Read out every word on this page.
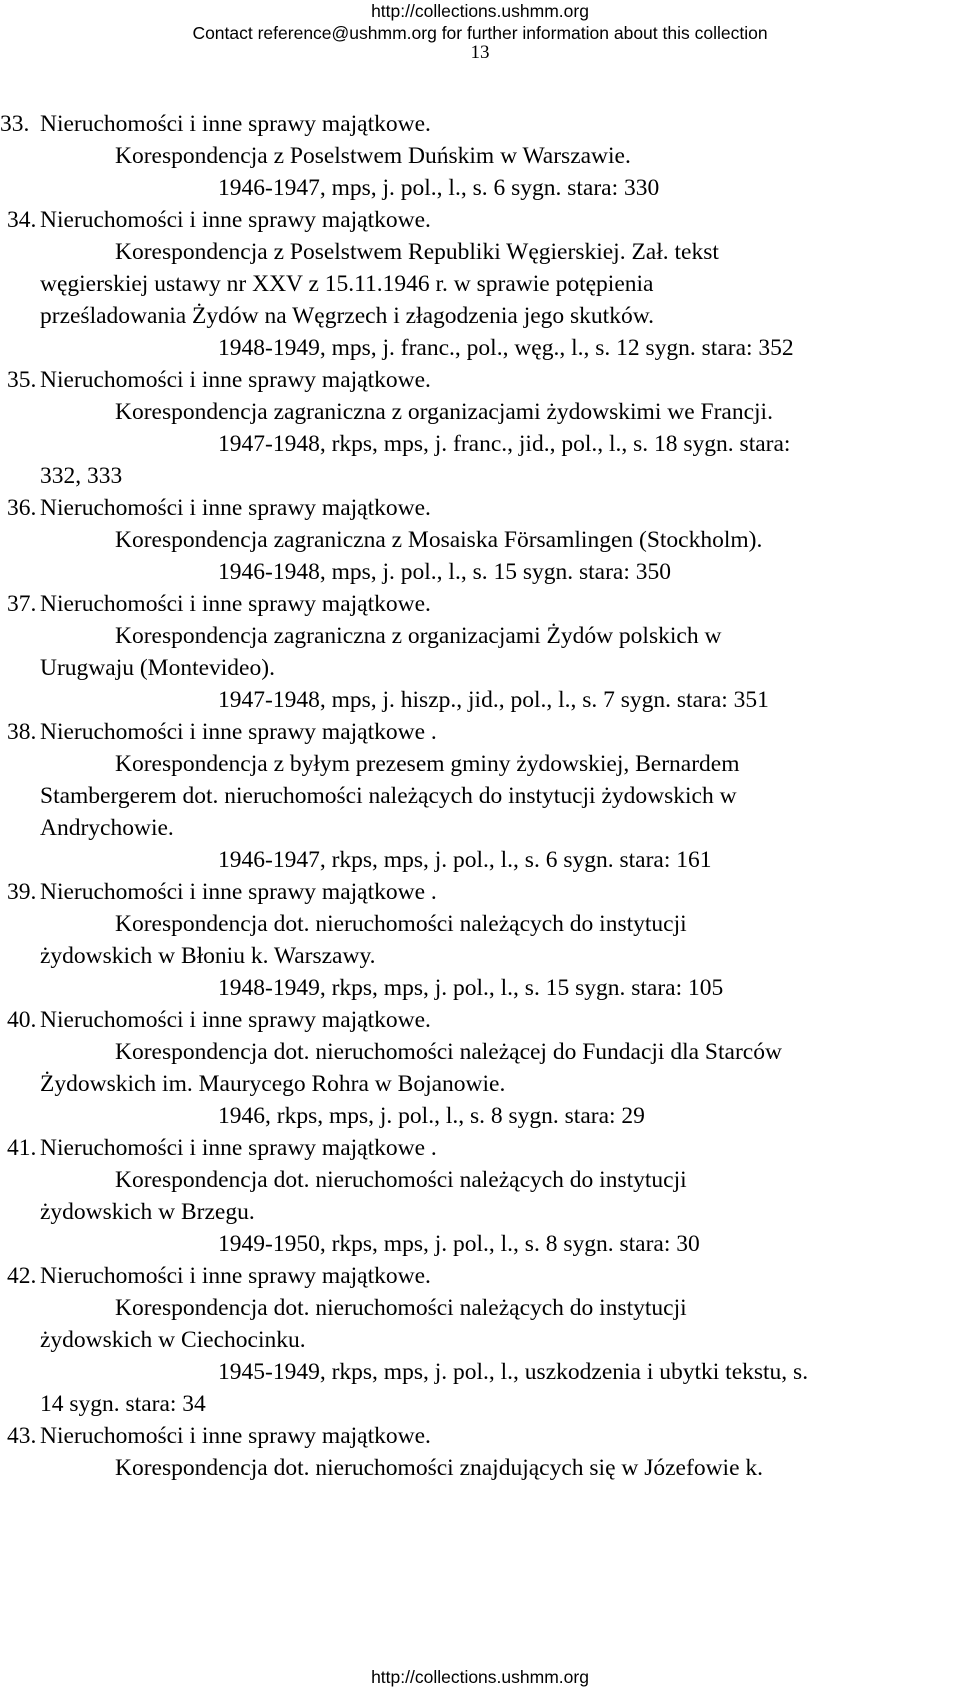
http://collections.ushmm.org
Contact reference@ushmm.org for further information about this collection
13
33. Nieruchomości i inne sprawy majątkowe.
Korespondencja z Poselstwem Duńskim w Warszawie.
1946-1947, mps, j. pol., l., s. 6 sygn. stara: 330
34. Nieruchomości i inne sprawy majątkowe.
Korespondencja z Poselstwem Republiki Węgierskiej. Zał. tekst
węgierskiej ustawy nr XXV z 15.11.1946 r. w sprawie potępienia
prześladowania Żydów na Węgrzech i złagodzenia jego skutków.
1948-1949, mps, j. franc., pol., węg., l., s. 12 sygn. stara: 352
35. Nieruchomości i inne sprawy majątkowe.
Korespondencja zagraniczna z organizacjami żydowskimi we Francji.
1947-1948, rkps, mps, j. franc., jid., pol., l., s. 18 sygn. stara:
332, 333
36. Nieruchomości i inne sprawy majątkowe.
Korespondencja zagraniczna z Mosaiska Församlingen (Stockholm).
1946-1948, mps, j. pol., l., s. 15 sygn. stara: 350
37. Nieruchomości i inne sprawy majątkowe.
Korespondencja zagraniczna z organizacjami Żydów polskich w
Urugwaju (Montevideo).
1947-1948, mps, j. hiszp., jid., pol., l., s. 7 sygn. stara: 351
38. Nieruchomości i inne sprawy majątkowe .
Korespondencja z byłym prezesem gminy żydowskiej, Bernardem
Stambergerem dot. nieruchomości należących do instytucji żydowskich w
Andrychowie.
1946-1947, rkps, mps, j. pol., l., s. 6 sygn. stara: 161
39. Nieruchomości i inne sprawy majątkowe .
Korespondencja dot. nieruchomości należących do instytucji
żydowskich w Błoniu k. Warszawy.
1948-1949, rkps, mps, j. pol., l., s. 15 sygn. stara: 105
40. Nieruchomości i inne sprawy majątkowe.
Korespondencja dot. nieruchomości należącej do Fundacji dla Starców
Żydowskich im. Maurycego Rohra w Bojanowie.
1946, rkps, mps, j. pol., l., s. 8 sygn. stara: 29
41. Nieruchomości i inne sprawy majątkowe .
Korespondencja dot. nieruchomości należących do instytucji
żydowskich w Brzegu.
1949-1950, rkps, mps, j. pol., l., s. 8 sygn. stara: 30
42. Nieruchomości i inne sprawy majątkowe.
Korespondencja dot. nieruchomości należących do instytucji
żydowskich w Ciechocinku.
1945-1949, rkps, mps, j. pol., l., uszkodzenia i ubytki tekstu, s.
14 sygn. stara: 34
43. Nieruchomości i inne sprawy majątkowe.
Korespondencja dot. nieruchomości znajdujących się w Józefowie k.
http://collections.ushmm.org
